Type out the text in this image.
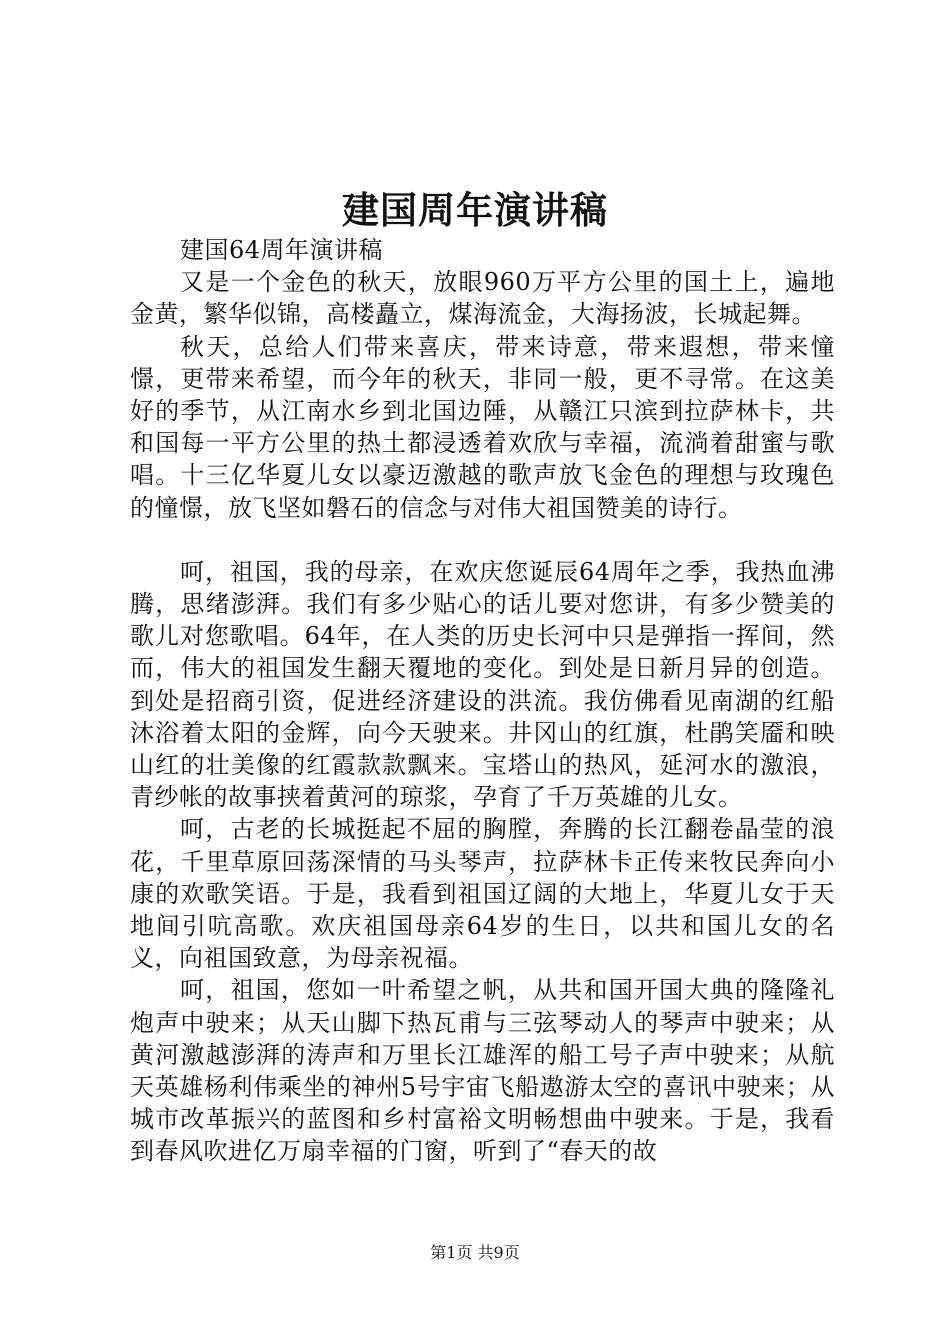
建国周年演讲稿

建国64周年演讲稿

又是一个金色的秋天，放眼960万平方公里的国土上，遍地金黄，繁华似锦，高楼矗立，煤海流金，大海扬波，长城起舞。

秋天，总给人们带来喜庆，带来诗意，带来遐想，带来憧憬，更带来希望，而今年的秋天，非同一般，更不寻常。在这美好的季节，从江南水乡到北国边陲，从赣江只滨到拉萨林卡，共和国每一平方公里的热土都浸透着欢欣与幸福，流淌着甜蜜与歌唱。十三亿华夏儿女以豪迈激越的歌声放飞金色的理想与玫瑰色的憧憬，放飞坚如磐石的信念与对伟大祖国赞美的诗行。

呵，祖国，我的母亲，在欢庆您诞辰64周年之季，我热血沸腾，思绪澎湃。我们有多少贴心的话儿要对您讲，有多少赞美的歌儿对您歌唱。64年，在人类的历史长河中只是弹指一挥间，然而，伟大的祖国发生翻天覆地的变化。到处是日新月异的创造。到处是招商引资，促进经济建设的洪流。我仿佛看见南湖的红船沐浴着太阳的金辉，向今天驶来。井冈山的红旗，杜鹃笑靥和映山红的壮美像的红霞款款飘来。宝塔山的热风，延河水的激浪，青纱帐的故事挟着黄河的琼浆，孕育了千万英雄的儿女。

呵，古老的长城挺起不屈的胸膛，奔腾的长江翻卷晶莹的浪花，千里草原回荡深情的马头琴声，拉萨林卡正传来牧民奔向小康的欢歌笑语。于是，我看到祖国辽阔的大地上，华夏儿女于天地间引吭高歌。欢庆祖国母亲64岁的生日，以共和国儿女的名义，向祖国致意，为母亲祝福。

呵，祖国，您如一叶希望之帆，从共和国开国大典的隆隆礼炮声中驶来；从天山脚下热瓦甫与三弦琴动人的琴声中驶来；从黄河激越澎湃的涛声和万里长江雄浑的船工号子声中驶来；从航天英雄杨利伟乘坐的神州5号宇宙飞船遨游太空的喜讯中驶来；从城市改革振兴的蓝图和乡村富裕文明畅想曲中驶来。于是，我看到春风吹进亿万扇幸福的门窗，听到了“春天的故

第1页 共9页
